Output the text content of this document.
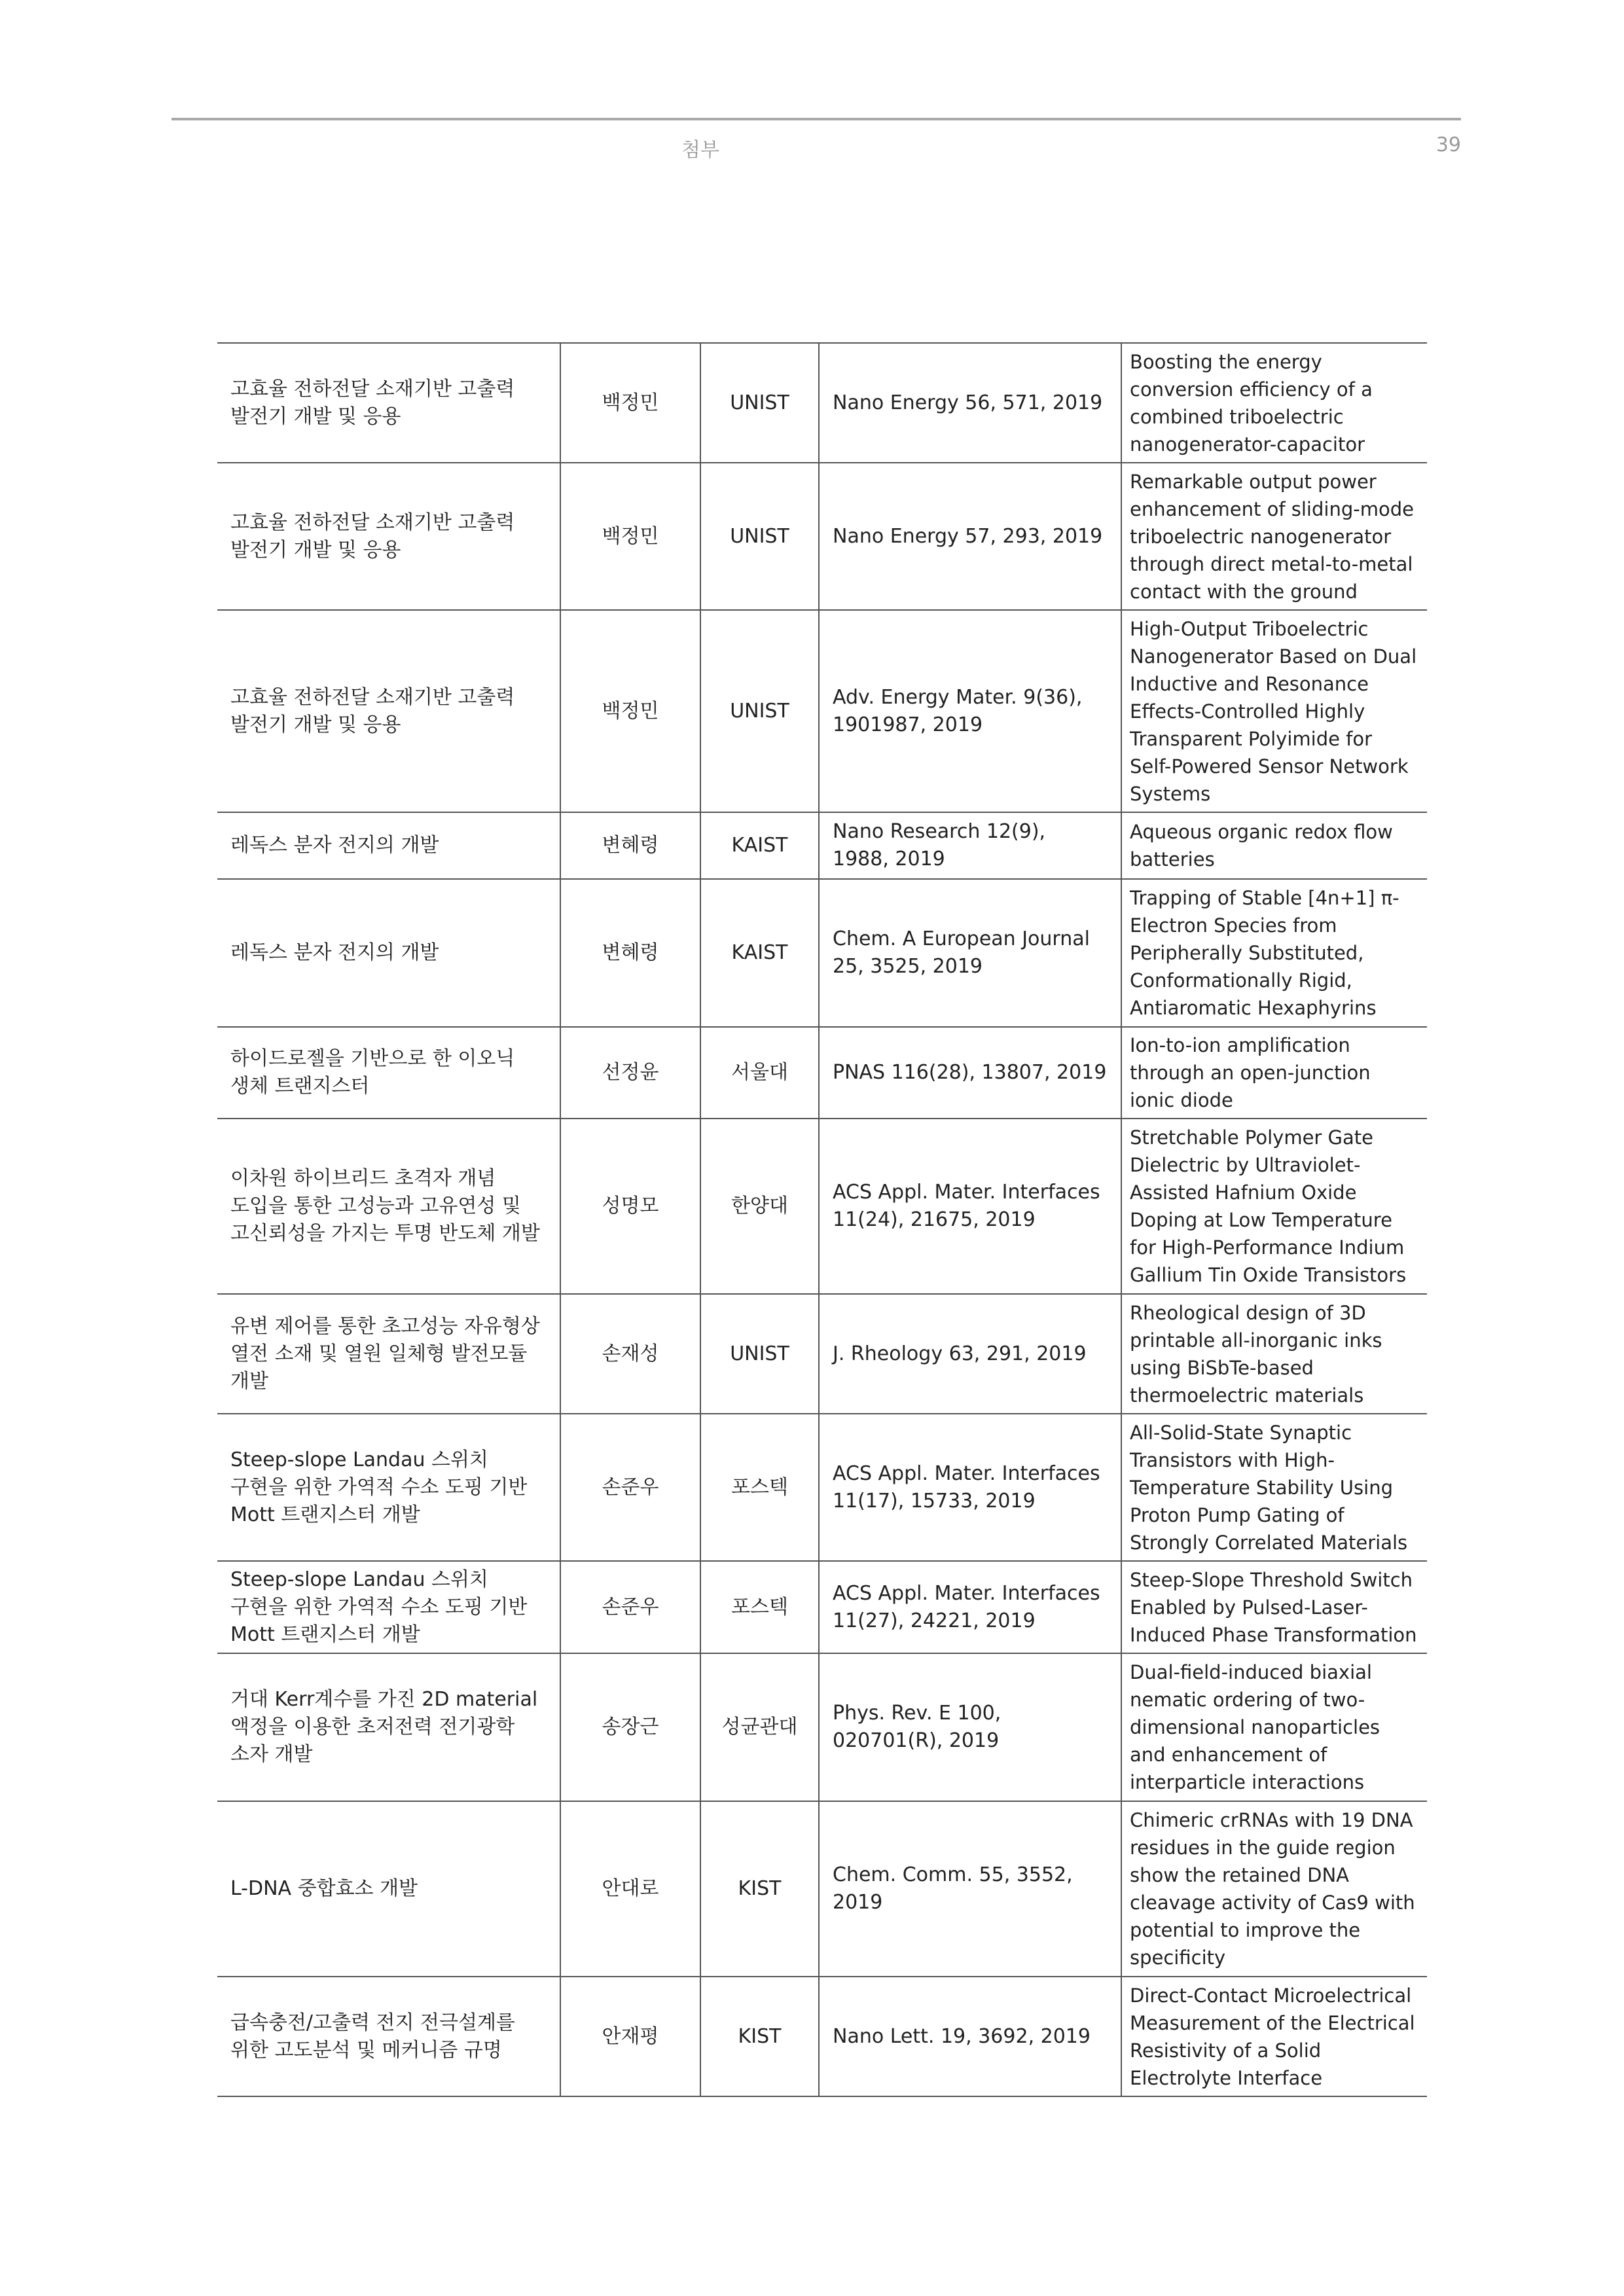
첨부	39
고효율 전하전달 소재기반 고출력 발전기 개발 및 응용	백정민	UNIST	Nano Energy 56, 571, 2019	Boosting the energy conversion efficiency of a combined triboelectric nanogenerator-capacitor
고효율 전하전달 소재기반 고출력 발전기 개발 및 응용	백정민	UNIST	Nano Energy 57, 293, 2019	Remarkable output power enhancement of sliding-mode triboelectric nanogenerator through direct metal-to-metal contact with the ground
고효율 전하전달 소재기반 고출력 발전기 개발 및 응용	백정민	UNIST	Adv. Energy Mater. 9(36), 1901987, 2019	High-Output Triboelectric Nanogenerator Based on Dual Inductive and Resonance Effects-Controlled Highly Transparent Polyimide for Self-Powered Sensor Network Systems
레독스 분자 전지의 개발	변혜령	KAIST	Nano Research 12(9), 1988, 2019	Aqueous organic redox flow batteries
레독스 분자 전지의 개발	변혜령	KAIST	Chem. A European Journal 25, 3525, 2019	Trapping of Stable [4n+1] π-Electron Species from Peripherally Substituted, Conformationally Rigid, Antiaromatic Hexaphyrins
하이드로젤을 기반으로 한 이오닉 생체 트랜지스터	선정윤	서울대	PNAS 116(28), 13807, 2019	Ion-to-ion amplification through an open-junction ionic diode
이차원 하이브리드 초격자 개념 도입을 통한 고성능과 고유연성 및 고신뢰성을 가지는 투명 반도체 개발	성명모	한양대	ACS Appl. Mater. Interfaces 11(24), 21675, 2019	Stretchable Polymer Gate Dielectric by Ultraviolet-Assisted Hafnium Oxide Doping at Low Temperature for High-Performance Indium Gallium Tin Oxide Transistors
유변 제어를 통한 초고성능 자유형상 열전 소재 및 열원 일체형 발전모듈 개발	손재성	UNIST	J. Rheology 63, 291, 2019	Rheological design of 3D printable all-inorganic inks using BiSbTe-based thermoelectric materials
Steep-slope Landau 스위치 구현을 위한 가역적 수소 도핑 기반 Mott 트랜지스터 개발	손준우	포스텍	ACS Appl. Mater. Interfaces 11(17), 15733, 2019	All-Solid-State Synaptic Transistors with High-Temperature Stability Using Proton Pump Gating of Strongly Correlated Materials
Steep-slope Landau 스위치 구현을 위한 가역적 수소 도핑 기반 Mott 트랜지스터 개발	손준우	포스텍	ACS Appl. Mater. Interfaces 11(27), 24221, 2019	Steep-Slope Threshold Switch Enabled by Pulsed-Laser-Induced Phase Transformation
거대 Kerr계수를 가진 2D material 액정을 이용한 초저전력 전기광학 소자 개발	송장근	성균관대	Phys. Rev. E 100, 020701(R), 2019	Dual-field-induced biaxial nematic ordering of two-dimensional nanoparticles and enhancement of interparticle interactions
L-DNA 중합효소 개발	안대로	KIST	Chem. Comm. 55, 3552, 2019	Chimeric crRNAs with 19 DNA residues in the guide region show the retained DNA cleavage activity of Cas9 with potential to improve the specificity
급속충전/고출력 전지 전극설계를 위한 고도분석 및 메커니즘 규명	안재평	KIST	Nano Lett. 19, 3692, 2019	Direct-Contact Microelectrical Measurement of the Electrical Resistivity of a Solid Electrolyte Interface
